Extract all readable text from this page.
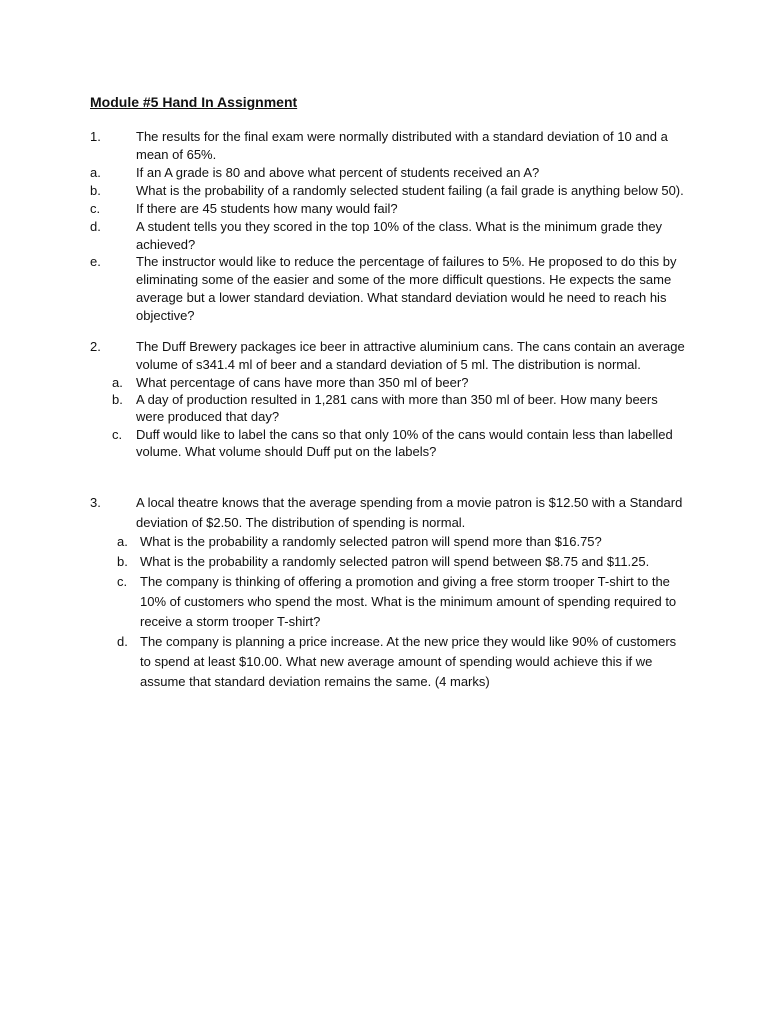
Module #5 Hand In Assignment
1.	The results for the final exam were normally distributed with a standard deviation of 10 and a
mean of 65%.
a.	If an A grade is 80 and above what percent of students received an A?
b.	What is the probability of a randomly selected student failing (a fail grade is anything below 50).
c.	If there are 45 students how many would fail?
d.	A student tells you they scored in the top 10% of the class. What is the minimum grade they
achieved?
e.	The instructor would like to reduce the percentage of failures to 5%. He proposed to do this by
eliminating some of the easier and some of the more difficult questions. He expects the same
average but a lower standard deviation. What standard deviation would he need to reach his
objective?
2.	The Duff Brewery packages ice beer in attractive aluminium cans. The cans contain an average
volume of s341.4 ml of beer and a standard deviation of 5 ml. The distribution is normal.
a. What percentage of cans have more than 350 ml of beer?
b. A day of production resulted in 1,281 cans with more than 350 ml of beer. How many beers
were produced that day?
c. Duff would like to label the cans so that only 10% of the cans would contain less than labelled
volume. What volume should Duff put on the labels?
3.	A local theatre knows that the average spending from a movie patron is $12.50 with a Standard
deviation of $2.50. The distribution of spending is normal.
a. What is the probability a randomly selected patron will spend more than $16.75?
b. What is the probability a randomly selected patron will spend between $8.75 and $11.25.
c. The company is thinking of offering a promotion and giving a free storm trooper T-shirt to the
10% of customers who spend the most. What is the minimum amount of spending required to
receive a storm trooper T-shirt?
d. The company is planning a price increase. At the new price they would like 90% of customers
to spend at least $10.00. What new average amount of spending would achieve this if we
assume that standard deviation remains the same. (4 marks)
